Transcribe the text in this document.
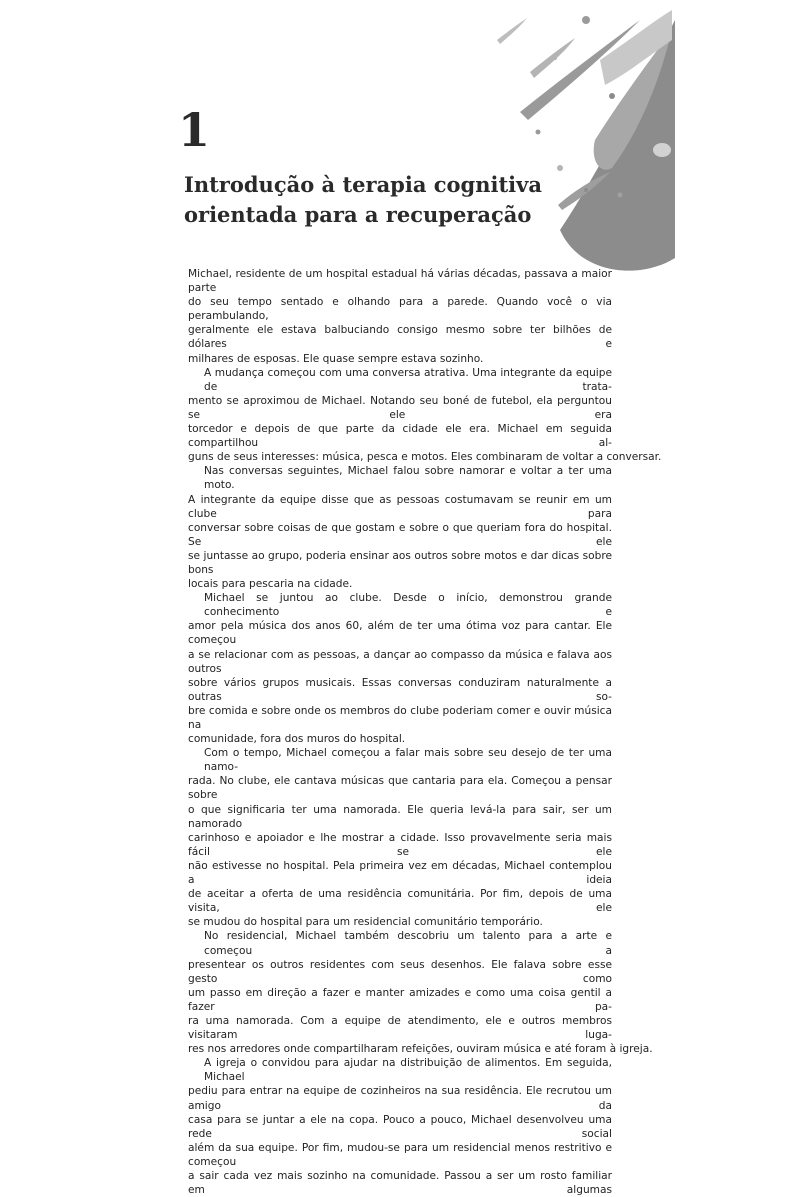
1
Introdução à terapia cognitiva
orientada para a recuperação
Michael, residente de um hospital estadual há várias décadas, passava a maior parte
do seu tempo sentado e olhando para a parede. Quando você o via perambulando,
geralmente ele estava balbuciando consigo mesmo sobre ter bilhões de dólares e
milhares de esposas. Ele quase sempre estava sozinho.
A mudança começou com uma conversa atrativa. Uma integrante da equipe de trata-
mento se aproximou de Michael. Notando seu boné de futebol, ela perguntou se ele era
torcedor e depois de que parte da cidade ele era. Michael em seguida compartilhou al-
guns de seus interesses: música, pesca e motos. Eles combinaram de voltar a conversar.
Nas conversas seguintes, Michael falou sobre namorar e voltar a ter uma moto.
A integrante da equipe disse que as pessoas costumavam se reunir em um clube para
conversar sobre coisas de que gostam e sobre o que queriam fora do hospital. Se ele
se juntasse ao grupo, poderia ensinar aos outros sobre motos e dar dicas sobre bons
locais para pescaria na cidade.
Michael se juntou ao clube. Desde o início, demonstrou grande conhecimento e
amor pela música dos anos 60, além de ter uma ótima voz para cantar. Ele começou
a se relacionar com as pessoas, a dançar ao compasso da música e falava aos outros
sobre vários grupos musicais. Essas conversas conduziram naturalmente a outras so-
bre comida e sobre onde os membros do clube poderiam comer e ouvir música na
comunidade, fora dos muros do hospital.
Com o tempo, Michael começou a falar mais sobre seu desejo de ter uma namo-
rada. No clube, ele cantava músicas que cantaria para ela. Começou a pensar sobre
o que significaria ter uma namorada. Ele queria levá-la para sair, ser um namorado
carinhoso e apoiador e lhe mostrar a cidade. Isso provavelmente seria mais fácil se ele
não estivesse no hospital. Pela primeira vez em décadas, Michael contemplou a ideia
de aceitar a oferta de uma residência comunitária. Por fim, depois de uma visita, ele
se mudou do hospital para um residencial comunitário temporário.
No residencial, Michael também descobriu um talento para a arte e começou a
presentear os outros residentes com seus desenhos. Ele falava sobre esse gesto como
um passo em direção a fazer e manter amizades e como uma coisa gentil a fazer pa-
ra uma namorada. Com a equipe de atendimento, ele e outros membros visitaram luga-
res nos arredores onde compartilharam refeições, ouviram música e até foram à igreja.
A igreja o convidou para ajudar na distribuição de alimentos. Em seguida, Michael
pediu para entrar na equipe de cozinheiros na sua residência. Ele recrutou um amigo da
casa para se juntar a ele na copa. Pouco a pouco, Michael desenvolveu uma rede social
além da sua equipe. Por fim, mudou-se para um residencial menos restritivo e começou
a sair cada vez mais sozinho na comunidade. Passou a ser um rosto familiar em algumas
